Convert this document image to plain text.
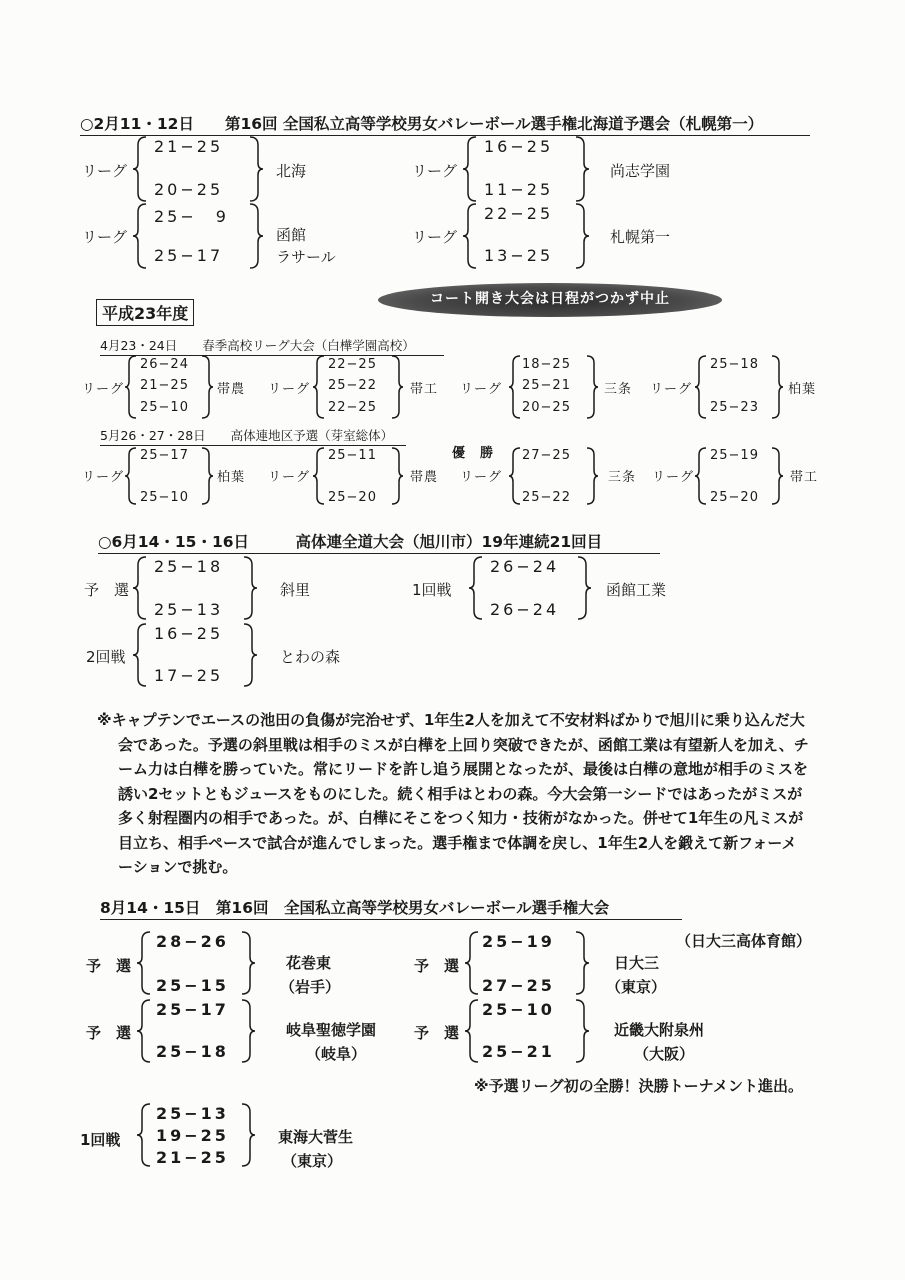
○2月11・12日　　第16回 全国私立高等学校男女バレーボール選手権北海道予選会（札幌第一）
リーグ
21−25
20−25
北海	リーグ
16−25
11−25
尚志学園
リーグ
25−　9
25−17
函館
ラサール
リーグ
22−25
13−25
札幌第一
平成23年度
コート開き大会は日程がつかず中止
4月23・24日　　春季高校リーグ大会（白樺学園高校）
リーグ
26−24
21−25
25−10
帯農 リーグ
22−25
25−22
22−25
帯工 リーグ
18−25
25−21
20−25
三条 リーグ
25−18
25−23
柏葉
5月26・27・28日　　高体連地区予選（芽室総体）
優　勝
リーグ
25−17
25−10
柏葉 リーグ
25−11
25−20
帯農 リーグ
27−25
25−22
三条 リーグ
25−19
25−20
帯工
○6月14・15・16日　　　高体連全道大会（旭川市）19年連続21回目
予　選
25−18
25−13
斜里	1回戦
26−24
26−24
函館工業
2回戦
16−25
17−25
とわの森

※キャプテンでエースの池田の負傷が完治せず、1年生2人を加えて不安材料ばかりで旭川に乗り込んだ大会であった。予選の斜里戦は相手のミスが白樺を上回り突破できたが、函館工業は有望新人を加え、チーム力は白樺を勝っていた。常にリードを許し追う展開となったが、最後は白樺の意地が相手のミスを誘い2セットともジュースをものにした。続く相手はとわの森。今大会第一シードではあったがミスが多く射程圏内の相手であった。が、白樺にそこをつく知力・技術がなかった。併せて1年生の凡ミスが目立ち、相手ペースで試合が進んでしまった。選手権まで体調を戻し、1年生2人を鍛えて新フォーメーションで挑む。

8月14・15日　第16回　全国私立高等学校男女バレーボール選手権大会
（日大三高体育館）
予　選
28−26
25−15
花巻東
（岩手）
予　選
25−19
27−25
日大三
（東京）
予　選
25−17
25−18
岐阜聖徳学園
（岐阜）
予　選
25−10
25−21
近畿大附泉州
（大阪）
※予選リーグ初の全勝！決勝トーナメント進出。
1回戦
25−13
19−25
21−25
東海大菅生
（東京）
